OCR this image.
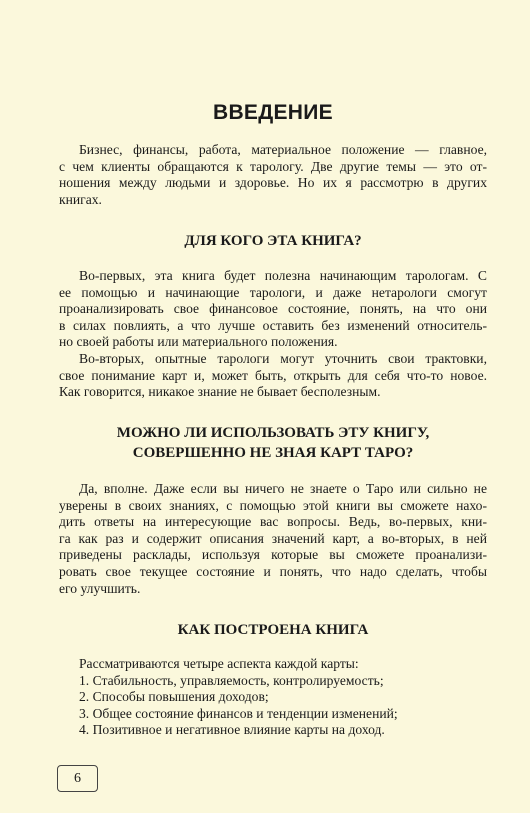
ВВЕДЕНИЕ
Бизнес, финансы, работа, материальное положение — главное,
с чем клиенты обращаются к тарологу. Две другие темы — это от-
ношения между людьми и здоровье. Но их я рассмотрю в других
книгах.
ДЛЯ КОГО ЭТА КНИГА?
Во-первых, эта книга будет полезна начинающим тарологам. С
ее помощью и начинающие тарологи, и даже нетарологи смогут
проанализировать свое финансовое состояние, понять, на что они
в силах повлиять, а что лучше оставить без изменений относитель-
но своей работы или материального положения.
Во-вторых, опытные тарологи могут уточнить свои трактовки,
свое понимание карт и, может быть, открыть для себя что-то новое.
Как говорится, никакое знание не бывает бесполезным.
МОЖНО ЛИ ИСПОЛЬЗОВАТЬ ЭТУ КНИГУ,
СОВЕРШЕННО НЕ ЗНАЯ КАРТ ТАРО?
Да, вполне. Даже если вы ничего не знаете о Таро или сильно не
уверены в своих знаниях, с помощью этой книги вы сможете нахо-
дить ответы на интересующие вас вопросы. Ведь, во-первых, кни-
га как раз и содержит описания значений карт, а во-вторых, в ней
приведены расклады, используя которые вы сможете проанализи-
ровать свое текущее состояние и понять, что надо сделать, чтобы
его улучшить.
КАК ПОСТРОЕНА КНИГА
Рассматриваются четыре аспекта каждой карты:
1. Стабильность, управляемость, контролируемость;
2. Способы повышения доходов;
3. Общее состояние финансов и тенденции изменений;
4. Позитивное и негативное влияние карты на доход.
6
